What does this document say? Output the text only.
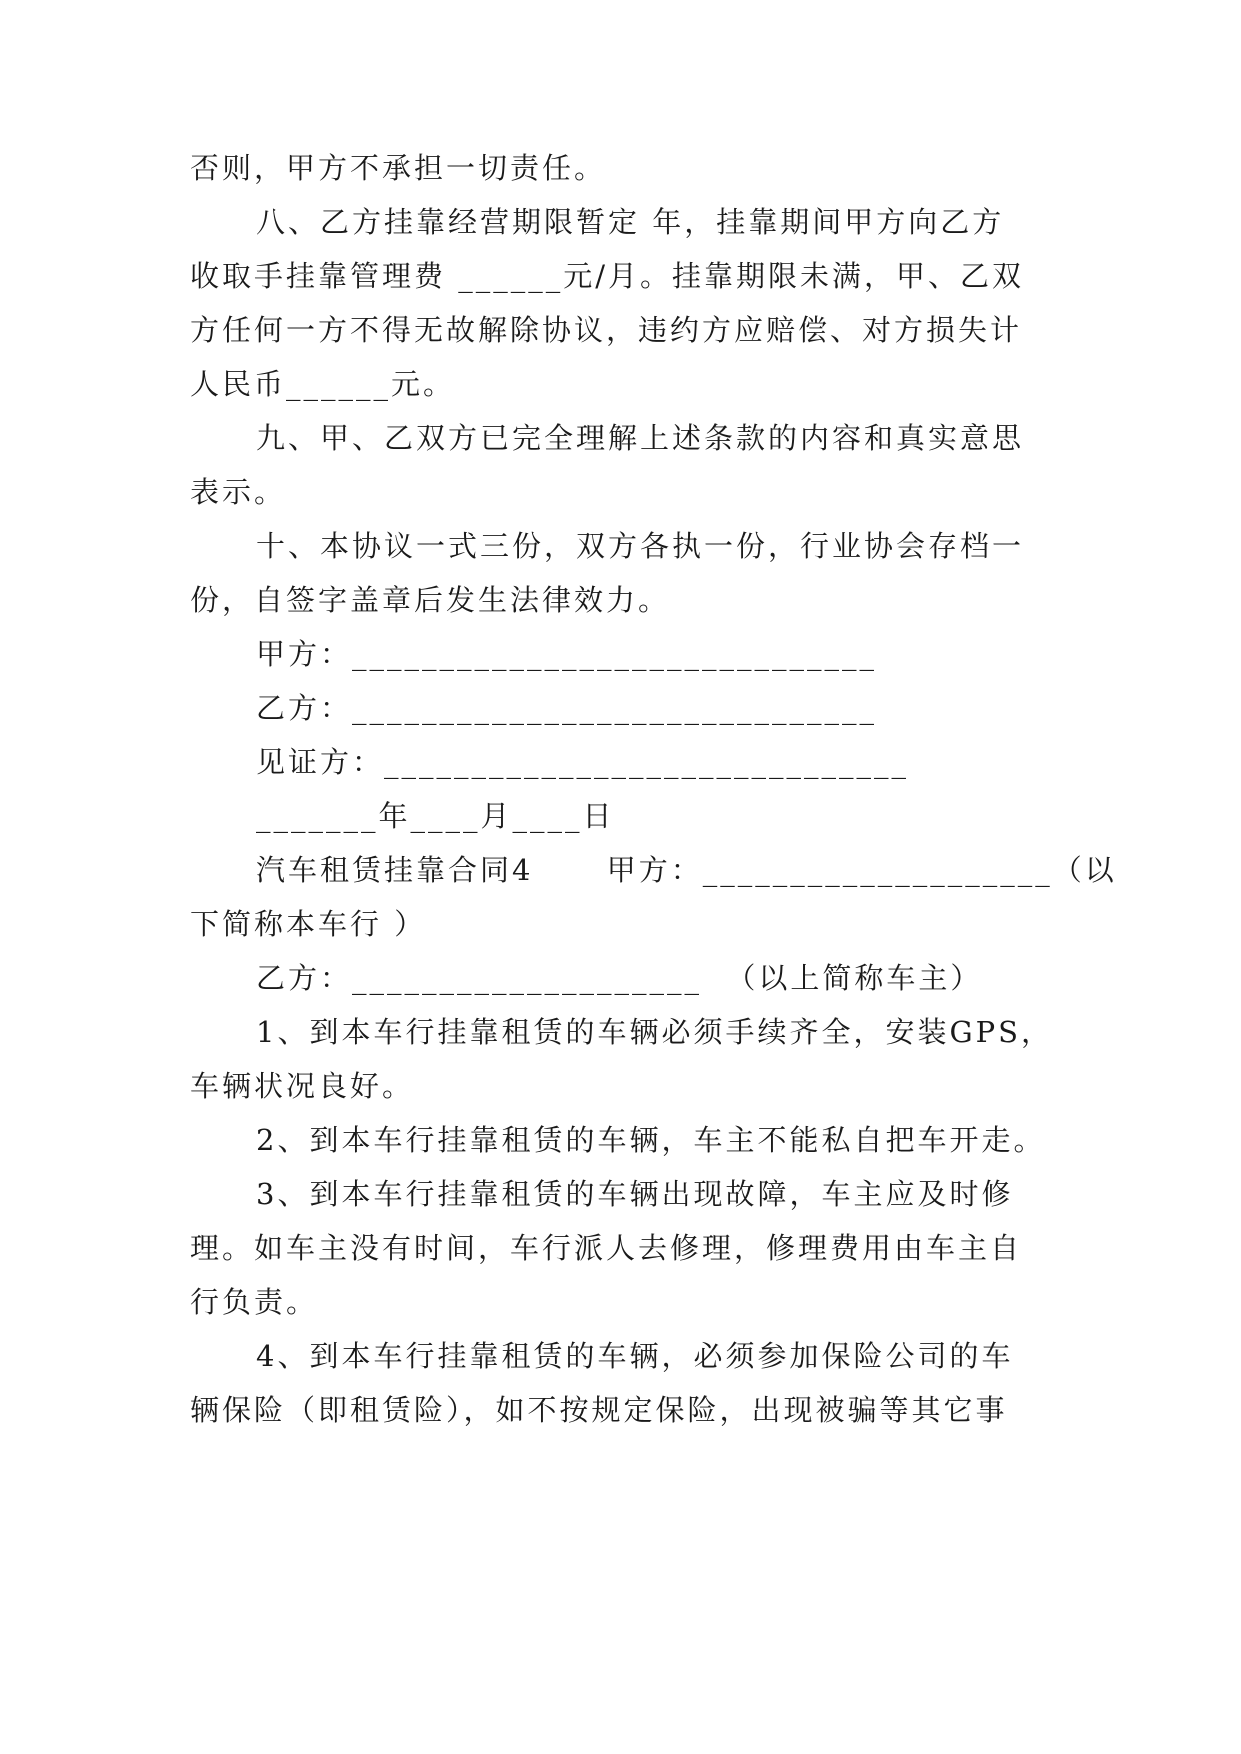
否则，甲方不承担一切责任。
八、乙方挂靠经营期限暂定 年，挂靠期间甲方向乙方
收取手挂靠管理费 ______元/月。挂靠期限未满，甲、乙双
方任何一方不得无故解除协议，违约方应赔偿、对方损失计
人民币______元。
九、甲、乙双方已完全理解上述条款的内容和真实意思
表示。
十、本协议一式三份，双方各执一份，行业协会存档一
份，自签字盖章后发生法律效力。
甲方：______________________________
乙方：______________________________
见证方：______________________________
_______年____月____日
汽车租赁挂靠合同4      甲方：____________________（以
下简称本车行 ）
乙方：____________________  （以上简称车主）
1、到本车行挂靠租赁的车辆必须手续齐全，安装GPS，
车辆状况良好。
2、到本车行挂靠租赁的车辆，车主不能私自把车开走。
3、到本车行挂靠租赁的车辆出现故障，车主应及时修
理。如车主没有时间，车行派人去修理，修理费用由车主自
行负责。
4、到本车行挂靠租赁的车辆，必须参加保险公司的车
辆保险（即租赁险），如不按规定保险，出现被骗等其它事
